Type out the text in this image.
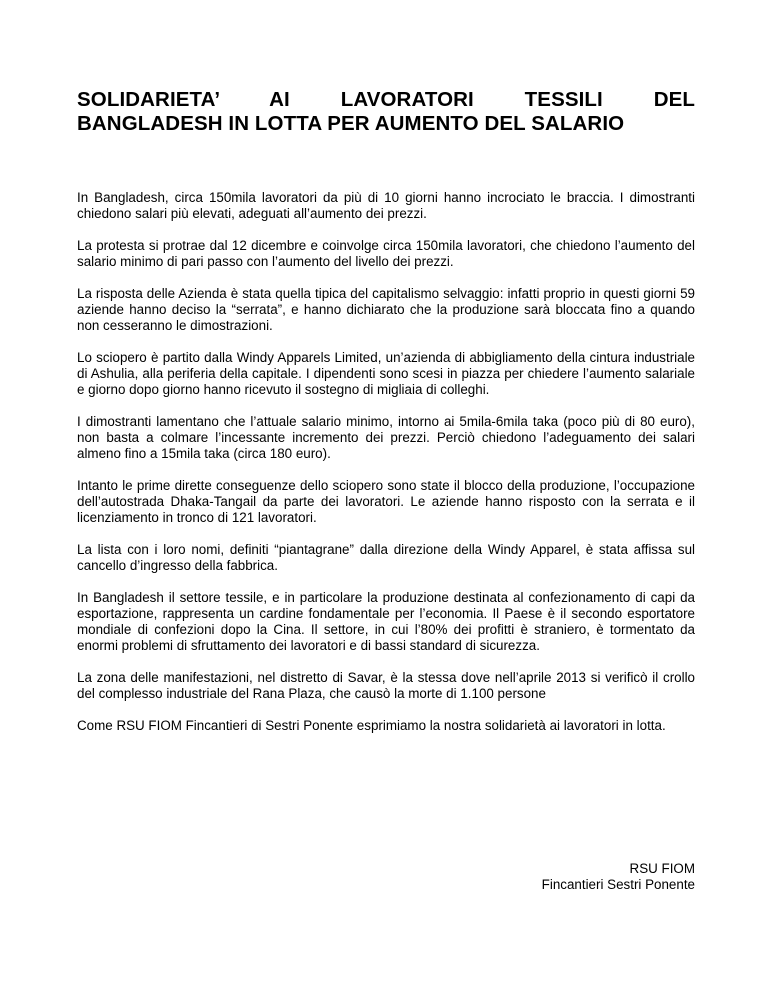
SOLIDARIETA’ AI LAVORATORI TESSILI DEL
BANGLADESH IN LOTTA PER AUMENTO DEL SALARIO

In Bangladesh, circa 150mila lavoratori da più di 10 giorni hanno incrociato le braccia. I dimostranti chiedono salari più elevati, adeguati all’aumento dei prezzi.

La protesta si protrae dal 12 dicembre e coinvolge circa 150mila lavoratori, che chiedono l’aumento del salario minimo di pari passo con l’aumento del livello dei prezzi.

La risposta delle Azienda è stata quella tipica del capitalismo selvaggio: infatti proprio in questi giorni 59 aziende hanno deciso la “serrata”, e hanno dichiarato che la produzione sarà bloccata fino a quando non cesseranno le dimostrazioni.

Lo sciopero è partito dalla Windy Apparels Limited, un’azienda di abbigliamento della cintura industriale di Ashulia, alla periferia della capitale. I dipendenti sono scesi in piazza per chiedere l’aumento salariale e giorno dopo giorno hanno ricevuto il sostegno di migliaia di colleghi.

I dimostranti lamentano che l’attuale salario minimo, intorno ai 5mila-6mila taka (poco più di 80 euro), non basta a colmare l’incessante incremento dei prezzi. Perciò chiedono l’adeguamento dei salari almeno fino a 15mila taka (circa 180 euro).

Intanto le prime dirette conseguenze dello sciopero sono state il blocco della produzione, l’occupazione dell’autostrada Dhaka-Tangail da parte dei lavoratori. Le aziende hanno risposto con la serrata e il licenziamento in tronco di 121 lavoratori.

La lista con i loro nomi, definiti “piantagrane” dalla direzione della Windy Apparel, è stata affissa sul cancello d’ingresso della fabbrica.

In Bangladesh il settore tessile, e in particolare la produzione destinata al confezionamento di capi da esportazione, rappresenta un cardine fondamentale per l’economia. Il Paese è il secondo esportatore mondiale di confezioni dopo la Cina. Il settore, in cui l’80% dei profitti è straniero, è tormentato da enormi problemi di sfruttamento dei lavoratori e di bassi standard di sicurezza.

La zona delle manifestazioni, nel distretto di Savar, è la stessa dove nell’aprile 2013 si verificò il crollo del complesso industriale del Rana Plaza, che causò la morte di 1.100 persone

Come RSU FIOM Fincantieri di Sestri Ponente esprimiamo la nostra solidarietà ai lavoratori in lotta.

RSU FIOM
Fincantieri Sestri Ponente
